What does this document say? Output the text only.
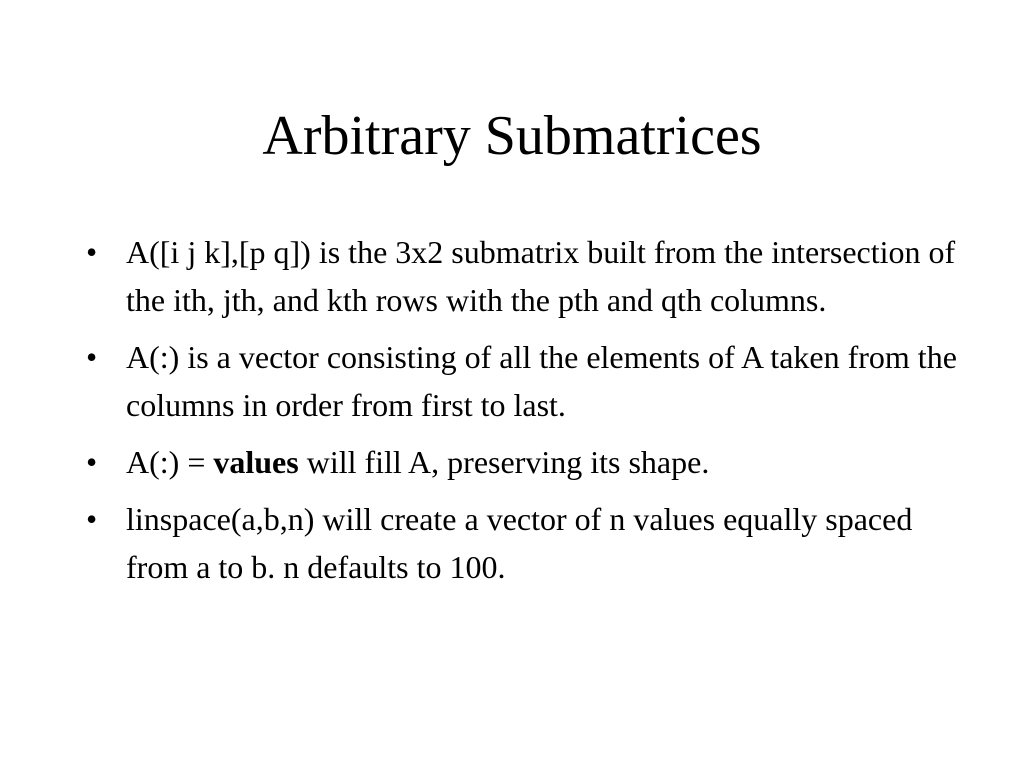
Arbitrary Submatrices
• A([i j k],[p q]) is the 3x2 submatrix built from the intersection of the ith, jth, and kth rows with the pth and qth columns.
• A(:) is a vector consisting of all the elements of A taken from the columns in order from first to last.
• A(:) = values will fill A, preserving its shape.
• linspace(a,b,n) will create a vector of n values equally spaced from a to b. n defaults to 100.
